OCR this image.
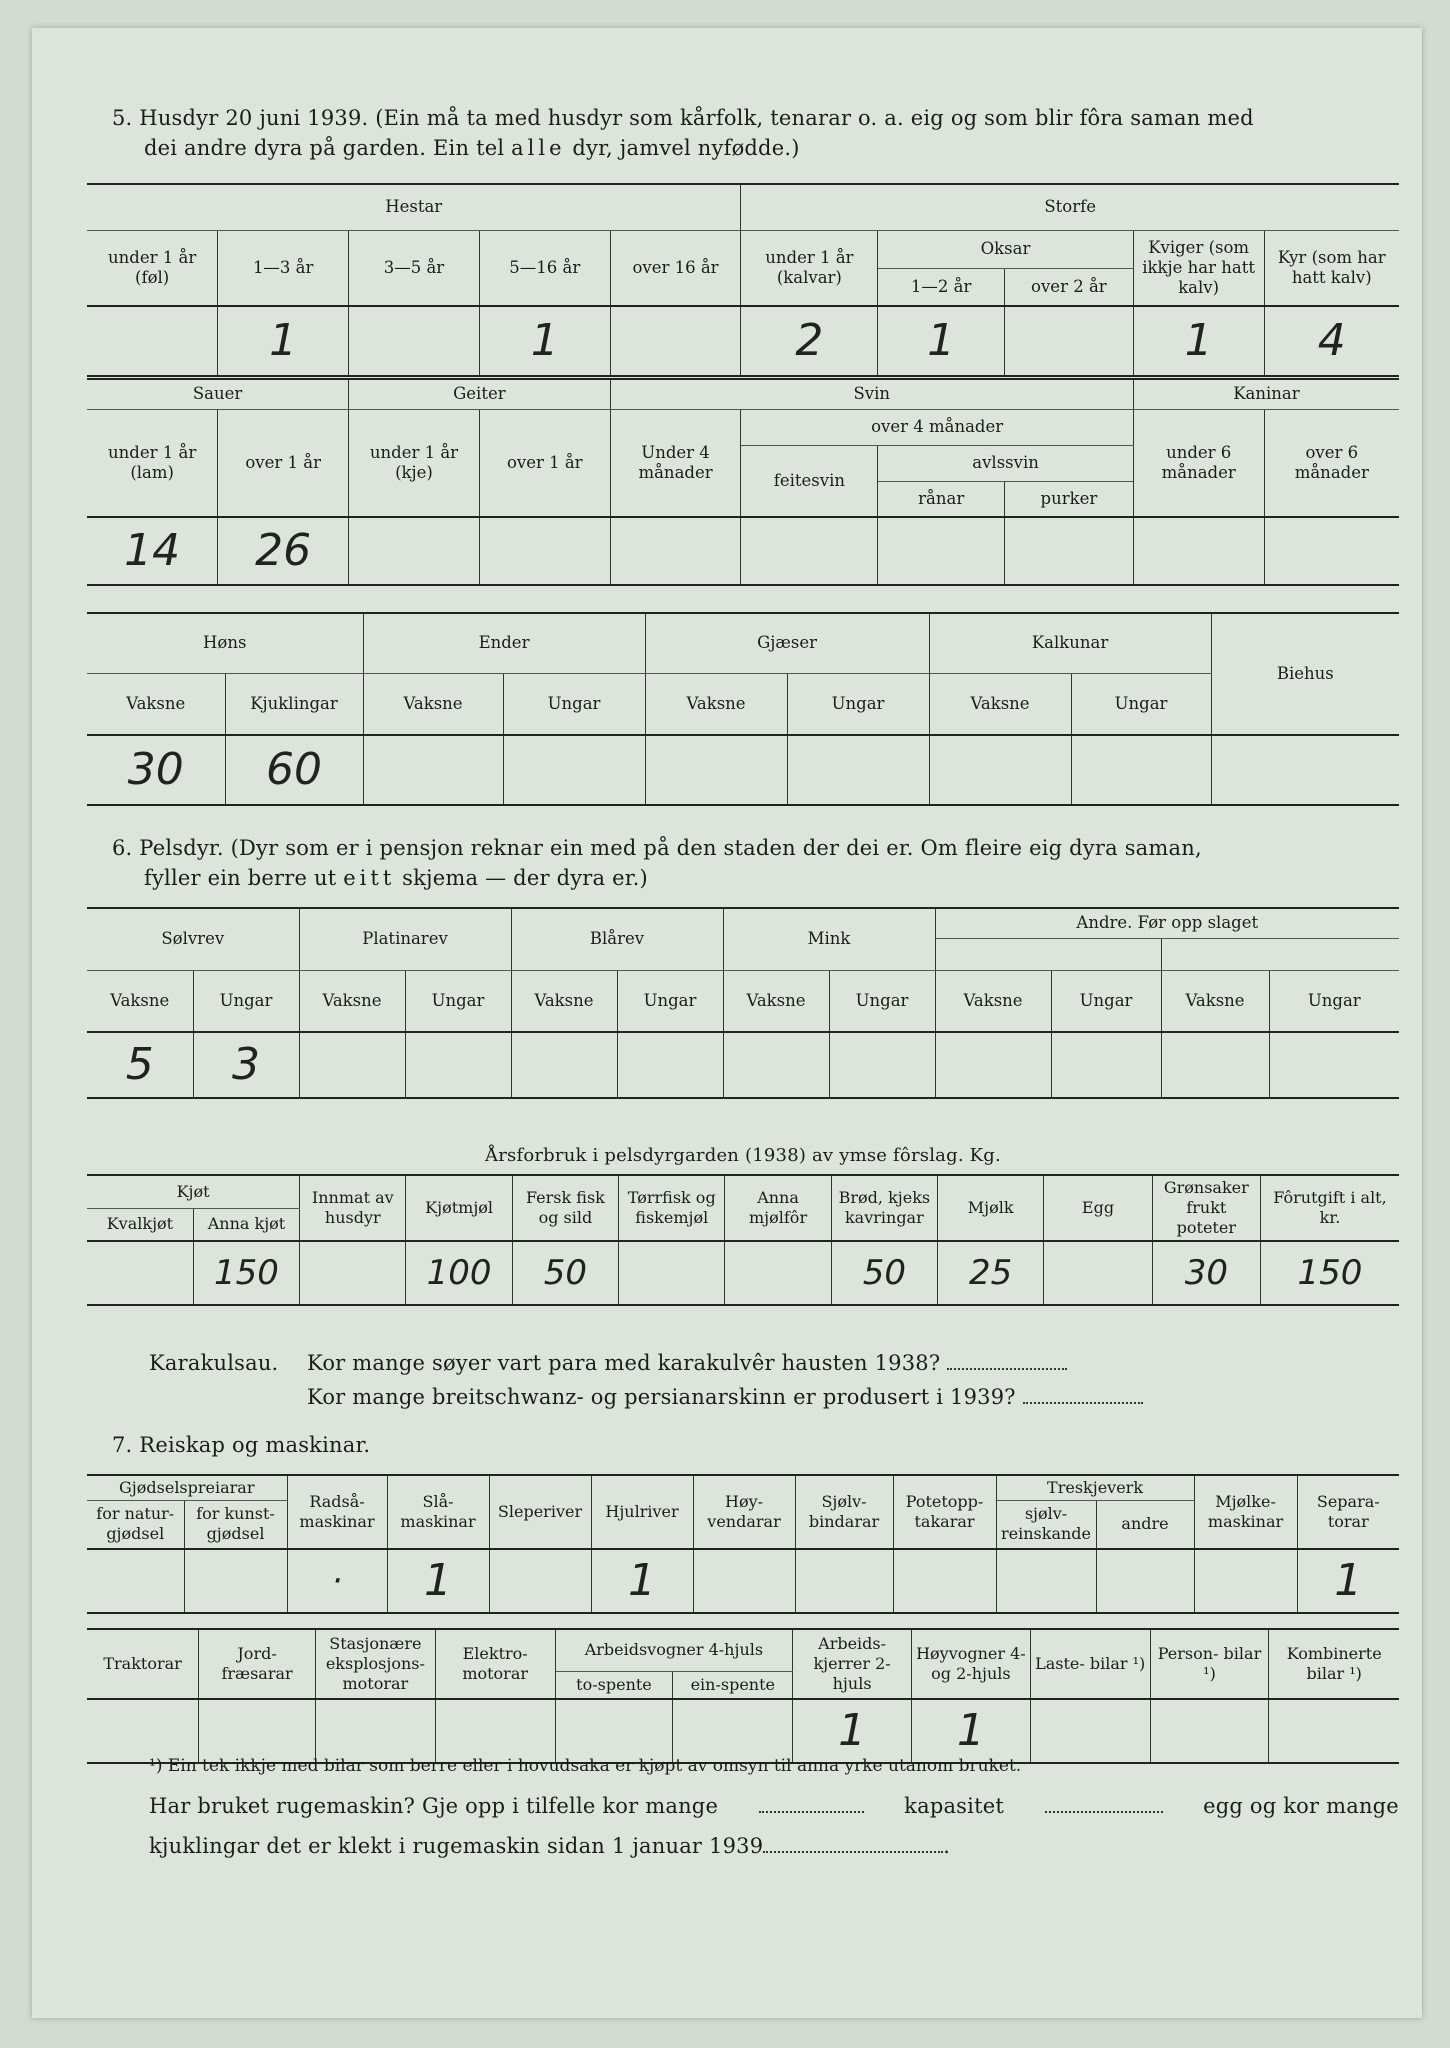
5. Husdyr 20 juni 1939. (Ein må ta med husdyr som kårfolk, tenarar o. a. eig og som blir fôra saman med
dei andre dyra på garden. Ein tel alle dyr, jamvel nyfødde.)
Hestar					Storfe				
under 1 år (føl)	1—3 år	3—5 år	5—16 år	over 16 år	under 1 år (kalvar)	Oksar		Kviger (som ikkje har hatt kalv)	Kyr (som har hatt kalv)
						1—2 år	over 2 år		
	1		1		2	1		1	4
Sauer		Geiter		Svin				Kaninar	
under 1 år (lam)	over 1 år	under 1 år (kje)	over 1 år	Under 4 månader	over 4 månader			under 6 månader	over 6 månader
					feitesvin	avlssvin			
						rånar	purker		
14	26								
Høns		Ender		Gjæser		Kalkunar		Biehus
Vaksne	Kjuklingar	Vaksne	Ungar	Vaksne	Ungar	Vaksne	Ungar	
30	60							
6. Pelsdyr. (Dyr som er i pensjon reknar ein med på den staden der dei er. Om fleire eig dyra saman,
fyller ein berre ut eitt skjema — der dyra er.)
Sølvrev		Platinarev		Blårev		Mink		Andre. Før opp slaget			

Vaksne	Ungar	Vaksne	Ungar	Vaksne	Ungar	Vaksne	Ungar	Vaksne	Ungar	Vaksne	Ungar
5	3										
Årsforbruk i pelsdyrgarden (1938) av ymse fôrslag. Kg.
Kjøt		Innmat av husdyr	Kjøtmjøl	Fersk fisk og sild	Tørrfisk og fiskemjøl	Anna mjølfôr	Brød, kjeks kavringar	Mjølk	Egg	Grønsaker frukt poteter	Fôrutgift i alt, kr.
Kvalkjøt	Anna kjøt										
	150		100	50			50	25		30	150
Karakulsau. Kor mange søyer vart para med karakulvêr hausten 1938?
Kor mange breitschwanz- og persianarskinn er produsert i 1939?
7. Reiskap og maskinar.
Gjødselspreiarar		Radså- maskinar	Slå- maskinar	Sleperiver	Hjulriver	Høy- vendarar	Sjølv- bindarar	Potetopp- takarar	Treskjeverk		Mjølke- maskinar	Separa- torar
for natur- gjødsel	for kunst- gjødsel								sjølv- reinskande	andre		
		·	1		1							1
Traktorar	Jord- fræsarar	Stasjonære eksplosjons- motorar	Elektro- motorar	Arbeidsvogner 4-hjuls		Arbeids- kjerrer 2-hjuls	Høyvogner 4- og 2-hjuls	Laste- bilar ¹)	Person- bilar ¹)	Kombinerte bilar ¹)
				to-spente	ein-spente					
						1	1			
¹) Ein tek ikkje med bilar som berre eller i hovudsaka er kjøpt av omsyn til anna yrke utanom bruket.
Har bruket rugemaskin? Gje opp i tilfelle kor mange	kapasitet	egg og kor mange
kjuklingar det er klekt i rugemaskin sidan 1 januar 1939	.
